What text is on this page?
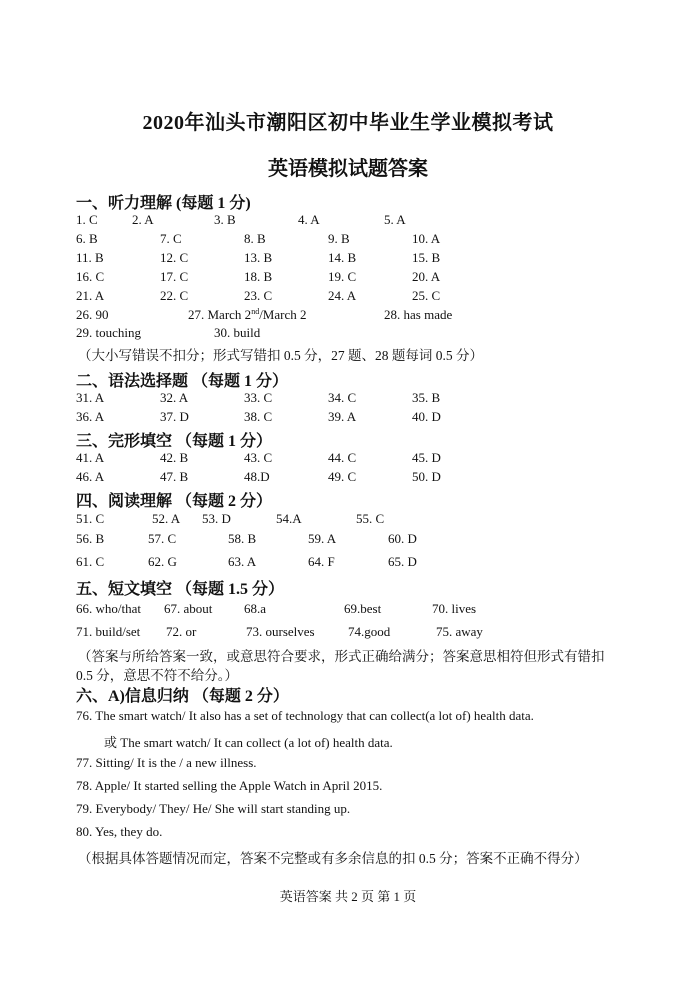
2020年汕头市潮阳区初中毕业生学业模拟考试
英语模拟试题答案
一、听力理解 (每题 1 分)
1. C	2. A	3. B	4. A	5. A
6. B	7. C	8. B	9. B	10. A
11. B	12. C	13. B	14. B	15. B
16. C	17. C	18. B	19. C	20. A
21. A	22. C	23. C	24. A	25. C
26. 90	27. March 2nd/March 2	28. has made
29. touching	30. build
（大小写错误不扣分；形式写错扣 0.5 分，27 题、28 题每词 0.5 分）
二、语法选择题 （每题 1 分）
31. A	32. A	33. C	34. C	35. B
36. A	37. D	38. C	39. A	40. D
三、完形填空 （每题 1 分）
41. A	42. B	43. C	44. C	45. D
46. A	47. B	48.D	49. C	50. D
四、阅读理解 （每题 2 分）
51. C	52. A 53. D	54.A	55. C
56. B	57. C	58. B	59. A	60. D
61. C	62. G	63. A	64. F	65. D
五、短文填空 （每题 1.5 分）
66. who/that 67. about 68.a	69.best	70. lives
71. build/set 72. or	73. ourselves	74.good	75. away
（答案与所给答案一致，或意思符合要求，形式正确给满分；答案意思相符但形式有错扣
0.5 分，意思不符不给分。）
六、A)信息归纳 （每题 2 分）
76. The smart watch/ It also has a set of technology that can collect(a lot of) health data.
或 The smart watch/ It can collect (a lot of) health data.
77. Sitting/ It is the / a new illness.
78. Apple/ It started selling the Apple Watch in April 2015.
79. Everybody/ They/ He/ She will start standing up.
80. Yes, they do.
（根据具体答题情况而定，答案不完整或有多余信息的扣 0.5 分；答案不正确不得分）
英语答案 共 2 页 第 1 页
